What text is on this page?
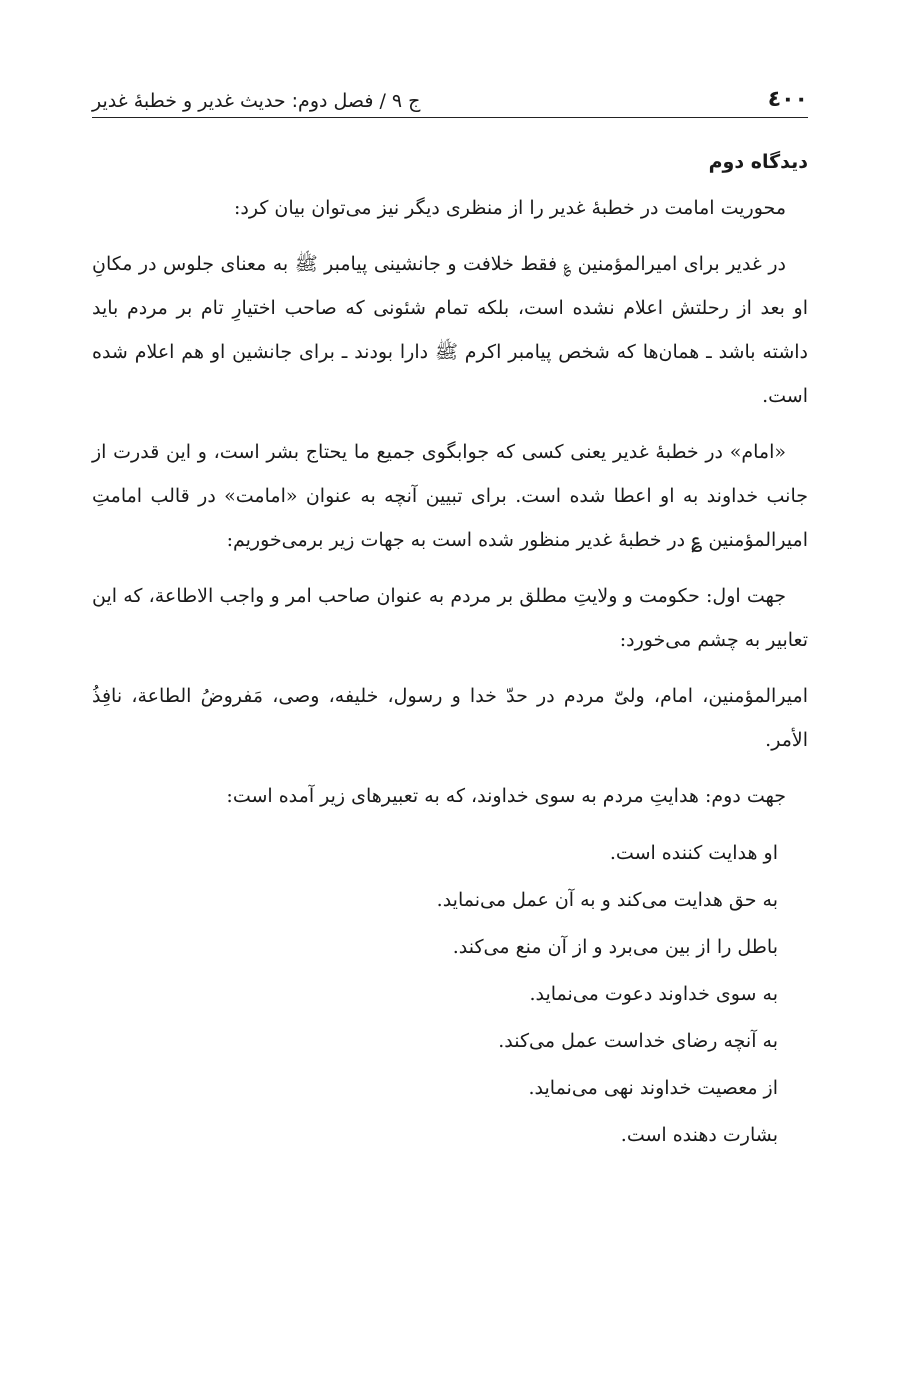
٤٠٠
ج ۹ / فصل دوم: حدیث غدیر و خطبۀ غدیر
دیدگاه دوم

محوریت امامت در خطبۀ غدیر را از منظری دیگر نیز می‌توان بیان کرد:

در غدیر برای امیرالمؤمنین ؏ فقط خلافت و جانشینی پیامبر ﷺ به معنای جلوس در مکانِ او بعد از رحلتش اعلام نشده است، بلکه تمام شئونی که صاحب اختیارِ تام بر مردم باید داشته باشد ـ همان‌ها که شخص پیامبر اکرم ﷺ دارا بودند ـ برای جانشین او هم اعلام شده است.

«امام» در خطبۀ غدیر یعنی کسی که جوابگوی جمیع ما یحتاج بشر است، و این قدرت از جانب خداوند به او اعطا شده است. برای تبیین آنچه به عنوان «امامت» در قالب امامتِ امیرالمؤمنین ؏ در خطبۀ غدیر منظور شده است به جهات زیر برمی‌خوریم:

جهت اول: حکومت و ولایتِ مطلق بر مردم به عنوان صاحب امر و واجب الاطاعة، که این تعابیر به چشم می‌خورد:

امیرالمؤمنین، امام، ولیّ مردم در حدّ خدا و رسول، خلیفه، وصی، مَفروضُ الطاعة، نافِذُ الأمر.

جهت دوم: هدایتِ مردم به سوی خداوند، که به تعبیرهای زیر آمده است:

او هدایت کننده است.
به حق هدایت می‌کند و به آن عمل می‌نماید.
باطل را از بین می‌برد و از آن منع می‌کند.
به سوی خداوند دعوت می‌نماید.
به آنچه رضای خداست عمل می‌کند.
از معصیت خداوند نهی می‌نماید.
بشارت دهنده است.
